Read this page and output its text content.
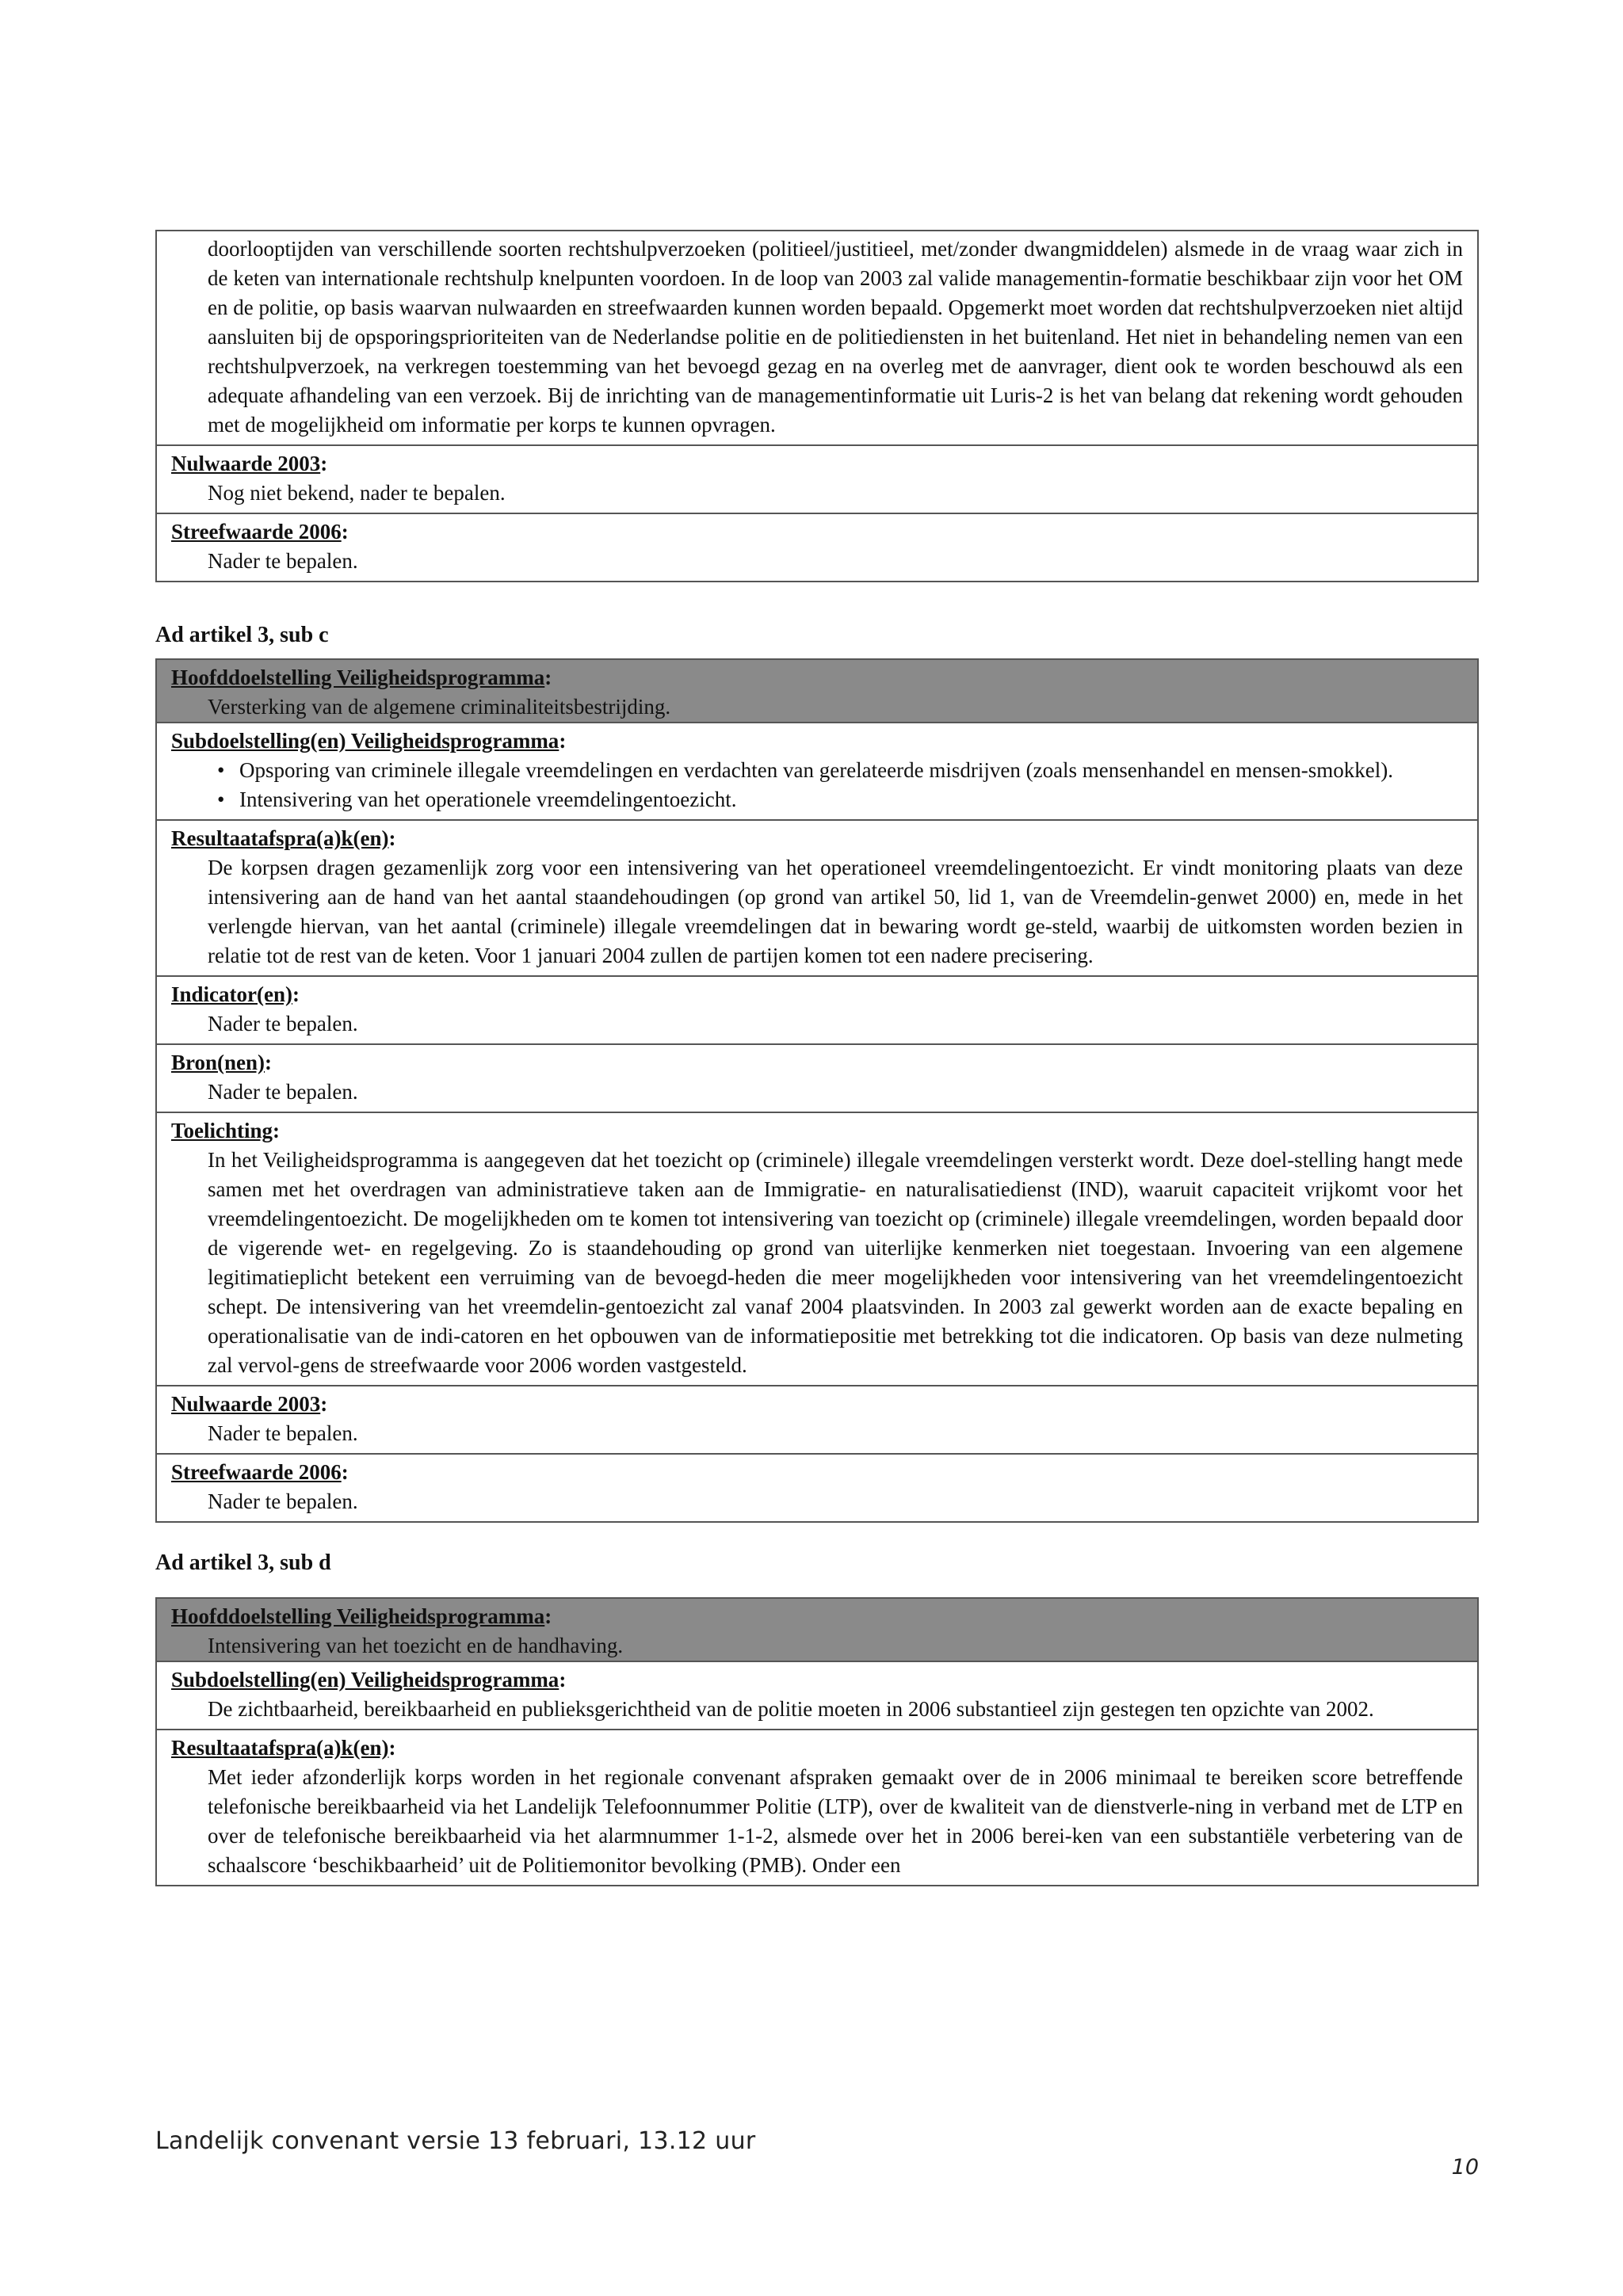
doorlooptijden van verschillende soorten rechtshulpverzoeken (politieel/justitieel, met/zonder dwangmiddelen) alsmede in de vraag waar zich in de keten van internationale rechtshulp knelpunten voordoen. In de loop van 2003 zal valide managementin-formatie beschikbaar zijn voor het OM en de politie, op basis waarvan nulwaarden en streefwaarden kunnen worden bepaald. Opgemerkt moet worden dat rechtshulpverzoeken niet altijd aansluiten bij de opsporingsprioriteiten van de Nederlandse politie en de politiediensten in het buitenland. Het niet in behandeling nemen van een rechtshulpverzoek, na verkregen toestemming van het bevoegd gezag en na overleg met de aanvrager, dient ook te worden beschouwd als een adequate afhandeling van een verzoek. Bij de inrichting van de managementinformatie uit Luris-2 is het van belang dat rekening wordt gehouden met de mogelijkheid om informatie per korps te kunnen opvragen.

Nulwaarde 2003:
Nog niet bekend, nader te bepalen.

Streefwaarde 2006:
Nader te bepalen.
Ad artikel 3, sub c
Hoofddoelstelling Veiligheidsprogramma:
Versterking van de algemene criminaliteitsbestrijding.

Subdoelstelling(en) Veiligheidsprogramma:
• Opsporing van criminele illegale vreemdelingen en verdachten van gerelateerde misdrijven (zoals mensenhandel en mensen-smokkel).
• Intensivering van het operationele vreemdelingentoezicht.

Resultaatafspra(a)k(en):
De korpsen dragen gezamenlijk zorg voor een intensivering van het operationeel vreemdelingentoezicht. Er vindt monitoring plaats van deze intensivering aan de hand van het aantal staandehoudingen (op grond van artikel 50, lid 1, van de Vreemdelin-genwet 2000) en, mede in het verlengde hiervan, van het aantal (criminele) illegale vreemdelingen dat in bewaring wordt ge-steld, waarbij de uitkomsten worden bezien in relatie tot de rest van de keten. Voor 1 januari 2004 zullen de partijen komen tot een nadere precisering.

Indicator(en):
Nader te bepalen.

Bron(nen):
Nader te bepalen.

Toelichting:
In het Veiligheidsprogramma is aangegeven dat het toezicht op (criminele) illegale vreemdelingen versterkt wordt. Deze doel-stelling hangt mede samen met het overdragen van administratieve taken aan de Immigratie- en naturalisatiedienst (IND), waaruit capaciteit vrijkomt voor het vreemdelingentoezicht. De mogelijkheden om te komen tot intensivering van toezicht op (criminele) illegale vreemdelingen, worden bepaald door de vigerende wet- en regelgeving. Zo is staandehouding op grond van uiterlijke kenmerken niet toegestaan. Invoering van een algemene legitimatieplicht betekent een verruiming van de bevoegd-heden die meer mogelijkheden voor intensivering van het vreemdelingentoezicht schept. De intensivering van het vreemdelin-gentoezicht zal vanaf 2004 plaatsvinden. In 2003 zal gewerkt worden aan de exacte bepaling en operationalisatie van de indi-catoren en het opbouwen van de informatiepositie met betrekking tot die indicatoren. Op basis van deze nulmeting zal vervol-gens de streefwaarde voor 2006 worden vastgesteld.

Nulwaarde 2003:
Nader te bepalen.

Streefwaarde 2006:
Nader te bepalen.
Ad artikel 3, sub d
Hoofddoelstelling Veiligheidsprogramma:
Intensivering van het toezicht en de handhaving.

Subdoelstelling(en) Veiligheidsprogramma:
De zichtbaarheid, bereikbaarheid en publieksgerichtheid van de politie moeten in 2006 substantieel zijn gestegen ten opzichte van 2002.

Resultaatafspra(a)k(en):
Met ieder afzonderlijk korps worden in het regionale convenant afspraken gemaakt over de in 2006 minimaal te bereiken score betreffende telefonische bereikbaarheid via het Landelijk Telefoonnummer Politie (LTP), over de kwaliteit van de dienstverle-ning in verband met de LTP en over de telefonische bereikbaarheid via het alarmnummer 1-1-2, alsmede over het in 2006 berei-ken van een substantiële verbetering van de schaalscore ‘beschikbaarheid’ uit de Politiemonitor bevolking (PMB). Onder een
Landelijk convenant versie 13 februari, 13.12 uur
10
